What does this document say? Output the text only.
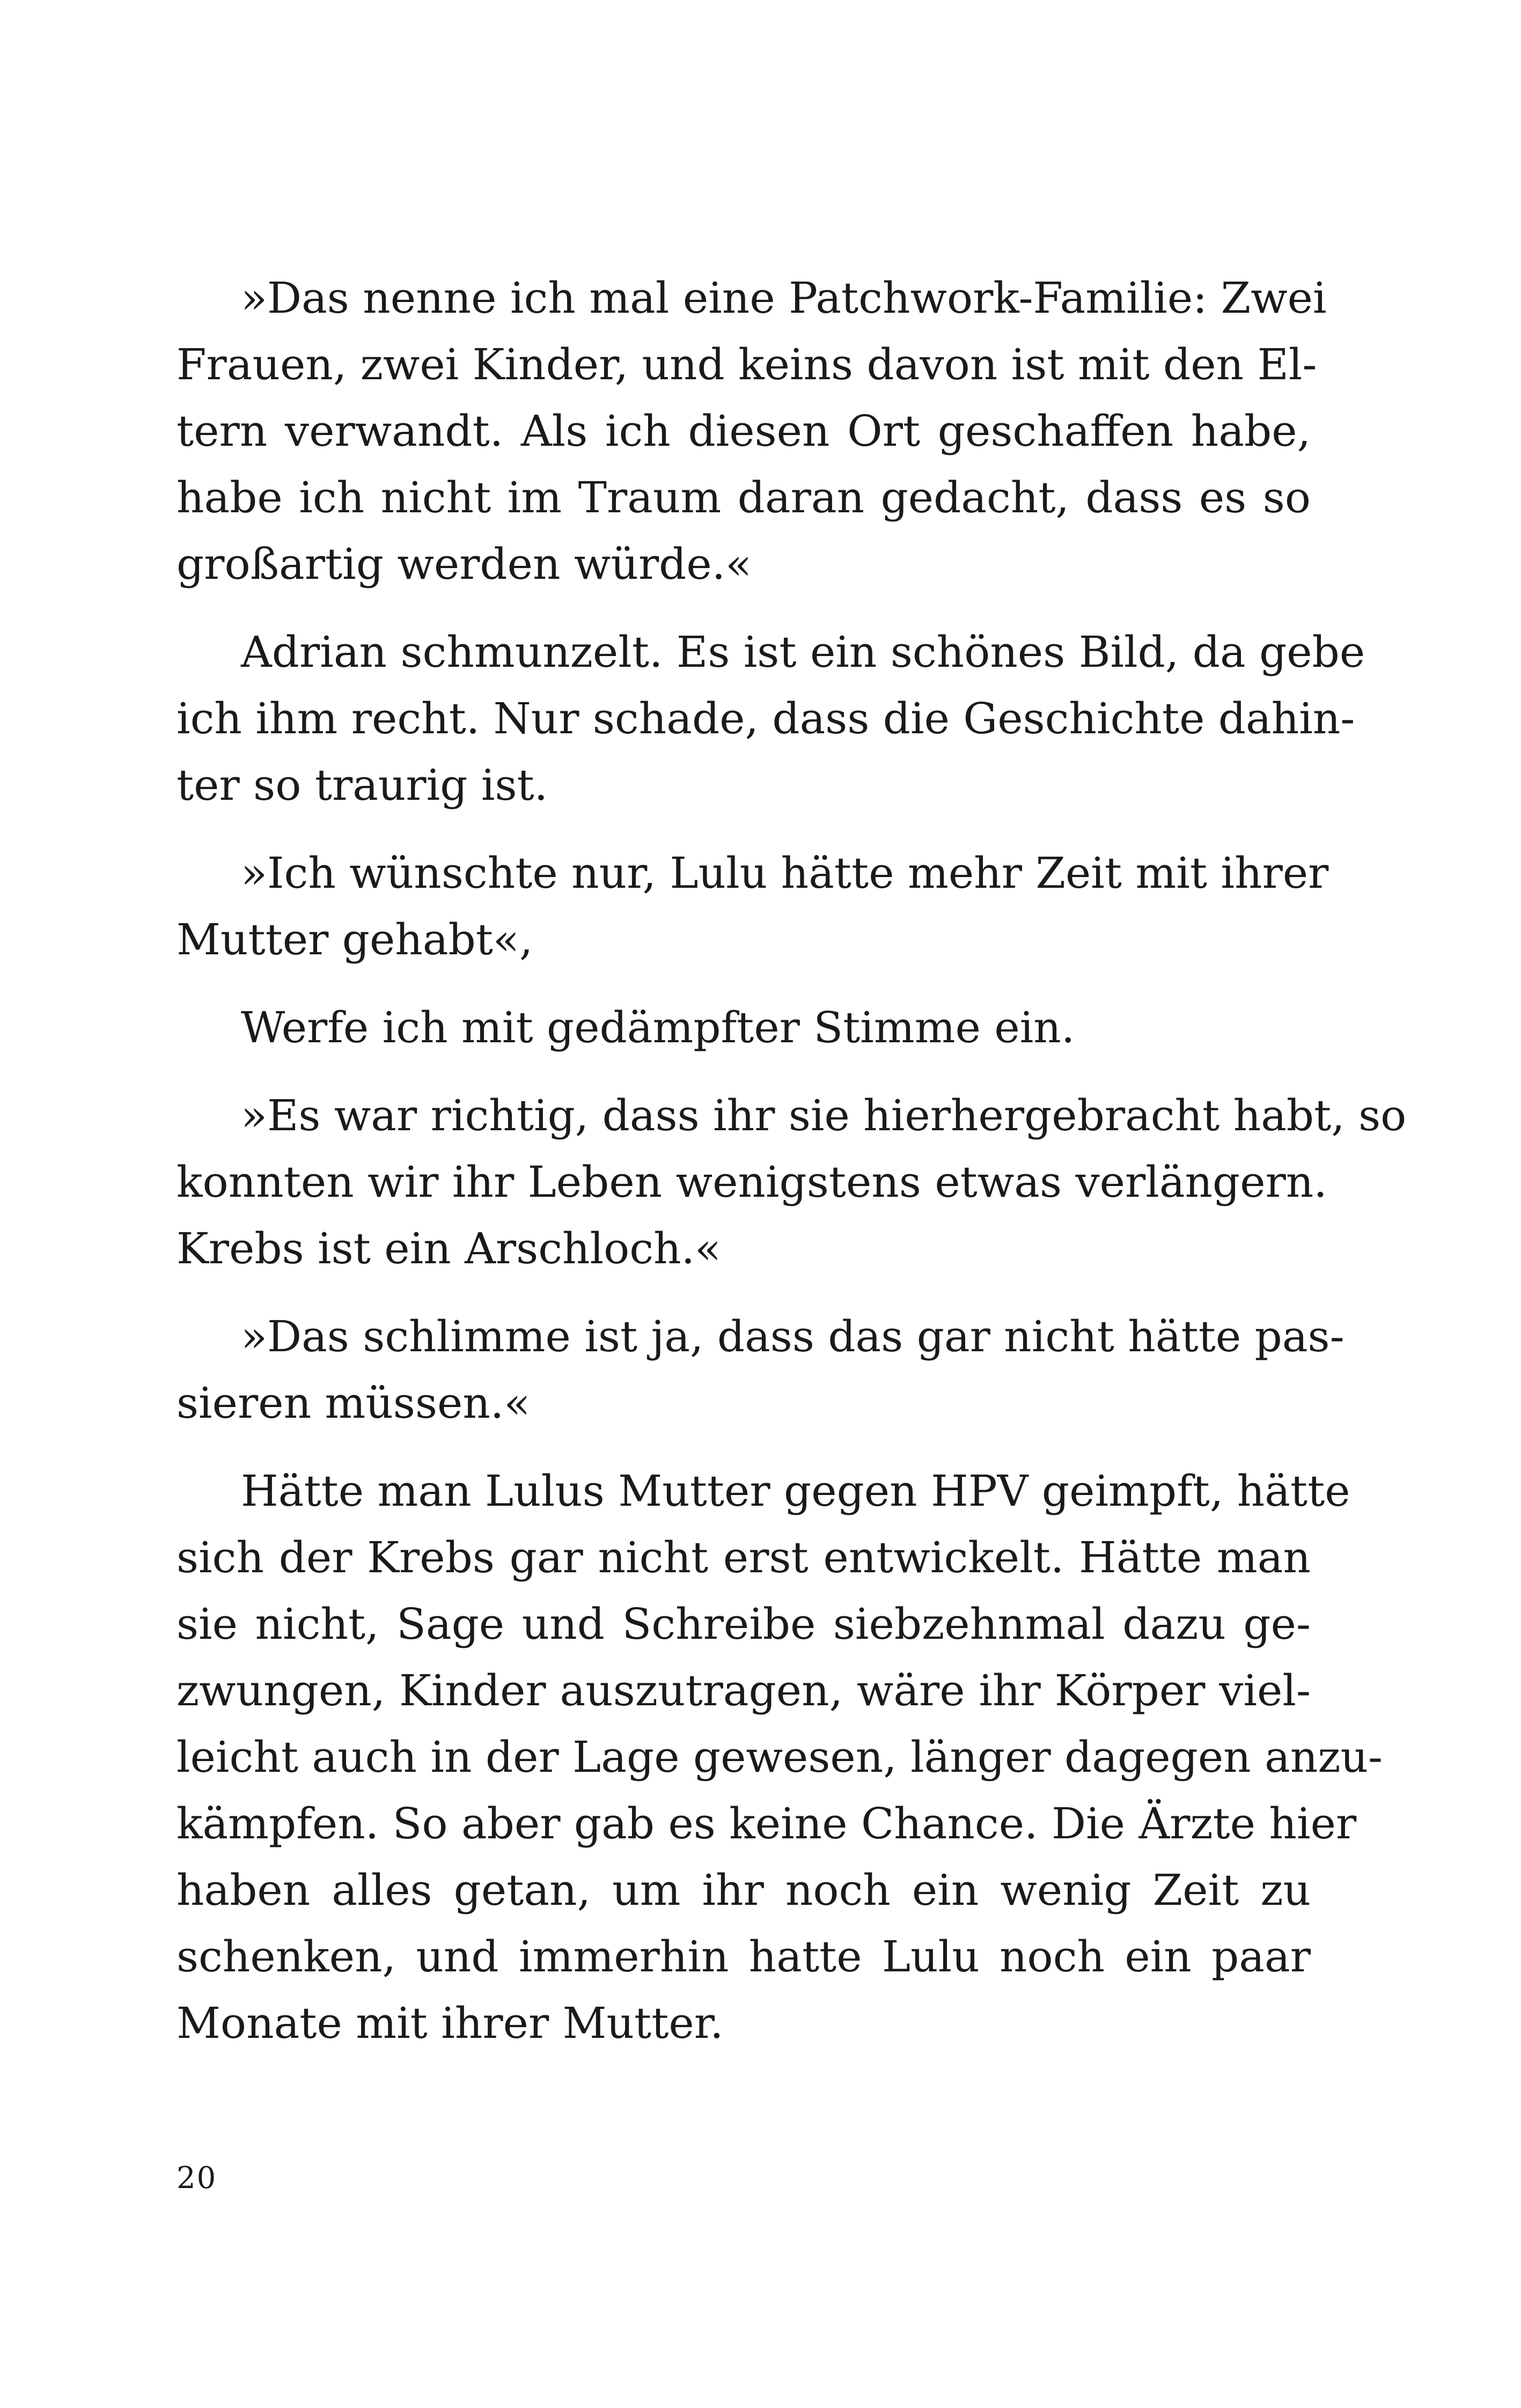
»Das nenne ich mal eine Patchwork-Familie: Zwei
Frauen, zwei Kinder, und keins davon ist mit den El-
tern verwandt. Als ich diesen Ort geschaffen habe,
habe ich nicht im Traum daran gedacht, dass es so
großartig werden würde.«
Adrian schmunzelt. Es ist ein schönes Bild, da gebe
ich ihm recht. Nur schade, dass die Geschichte dahin-
ter so traurig ist.
»Ich wünschte nur, Lulu hätte mehr Zeit mit ihrer
Mutter gehabt«,
Werfe ich mit gedämpfter Stimme ein.
»Es war richtig, dass ihr sie hierhergebracht habt, so
konnten wir ihr Leben wenigstens etwas verlängern.
Krebs ist ein Arschloch.«
»Das schlimme ist ja, dass das gar nicht hätte pas-
sieren müssen.«
Hätte man Lulus Mutter gegen HPV geimpft, hätte
sich der Krebs gar nicht erst entwickelt. Hätte man
sie nicht, Sage und Schreibe siebzehnmal dazu ge-
zwungen, Kinder auszutragen, wäre ihr Körper viel-
leicht auch in der Lage gewesen, länger dagegen anzu-
kämpfen. So aber gab es keine Chance. Die Ärzte hier
haben alles getan, um ihr noch ein wenig Zeit zu
schenken, und immerhin hatte Lulu noch ein paar
Monate mit ihrer Mutter.
20
